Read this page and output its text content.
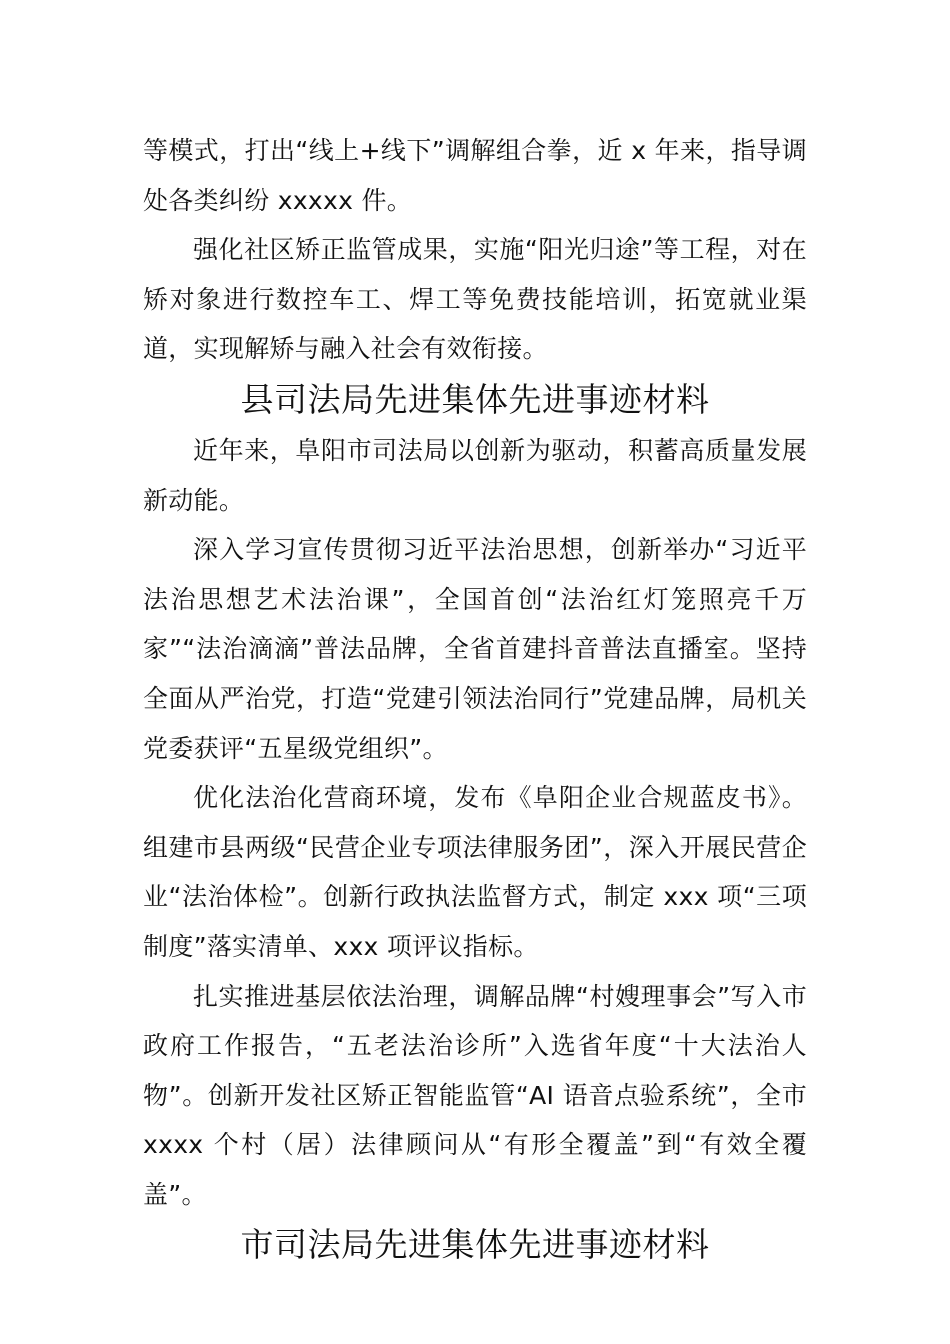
等模式，打出“线上+线下”调解组合拳，近 x 年来，指导调处各类纠纷 xxxxx 件。

强化社区矫正监管成果，实施“阳光归途”等工程，对在矫对象进行数控车工、焊工等免费技能培训，拓宽就业渠道，实现解矫与融入社会有效衔接。

县司法局先进集体先进事迹材料

近年来，阜阳市司法局以创新为驱动，积蓄高质量发展新动能。

深入学习宣传贯彻习近平法治思想，创新举办“习近平法治思想艺术法治课”，全国首创“法治红灯笼照亮千万家”“法治滴滴”普法品牌，全省首建抖音普法直播室。坚持全面从严治党，打造“党建引领法治同行”党建品牌，局机关党委获评“五星级党组织”。

优化法治化营商环境，发布《阜阳企业合规蓝皮书》。组建市县两级“民营企业专项法律服务团”，深入开展民营企业“法治体检”。创新行政执法监督方式，制定 xxx 项“三项制度”落实清单、xxx 项评议指标。

扎实推进基层依法治理，调解品牌“村嫂理事会”写入市政府工作报告，“五老法治诊所”入选省年度“十大法治人物”。创新开发社区矫正智能监管“AI 语音点验系统”，全市 xxxx 个村（居）法律顾问从“有形全覆盖”到“有效全覆盖”。

市司法局先进集体先进事迹材料
